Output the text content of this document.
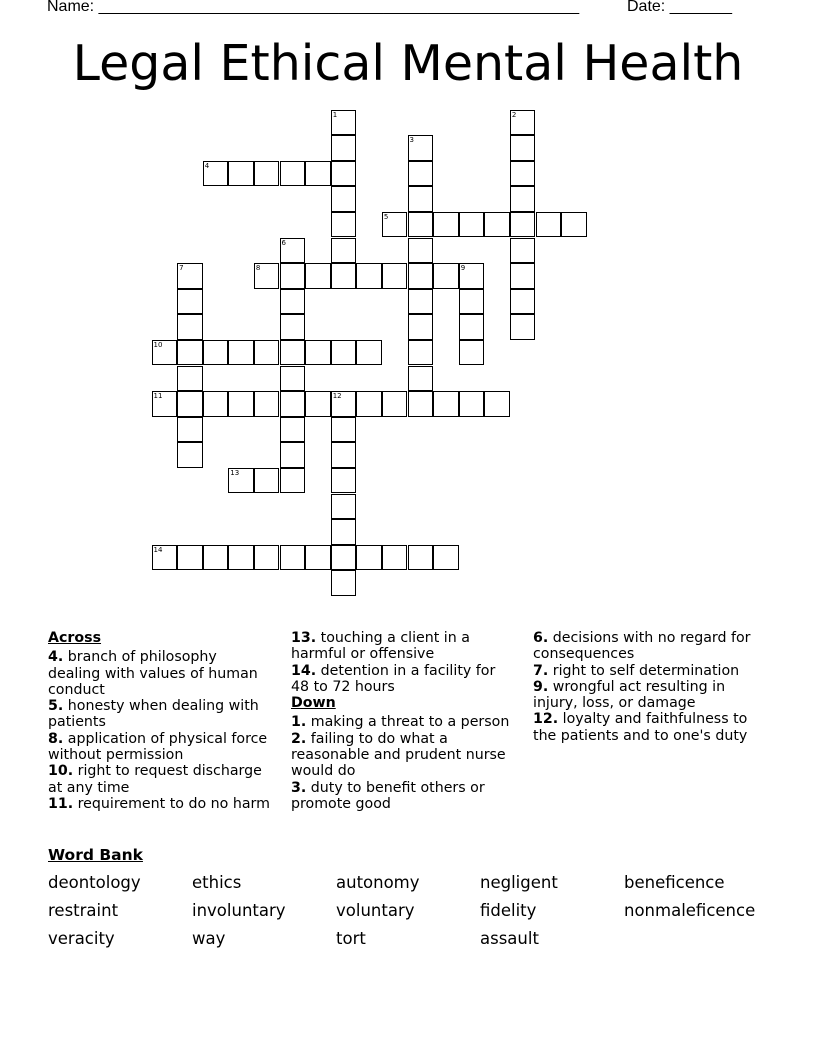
Name: ______________________________________________________	Date: _______
Legal Ethical Mental Health
1	2
3
4
5
6
7	8	9
10
11	12
13
14

Across

4. branch of philosophy dealing with values of human conduct

5. honesty when dealing with patients

8. application of physical force without permission

10. right to request discharge at any time

11. requirement to do no harm

13. touching a client in a harmful or offensive

14. detention in a facility for 48 to 72 hours

Down

1. making a threat to a person

2. failing to do what a reasonable and prudent nurse would do

3. duty to benefit others or promote good

6. decisions with no regard for consequences

7. right to self determination

9. wrongful act resulting in injury, loss, or damage

12. loyalty and faithfulness to the patients and to one's duty

Word Bank
deontology	ethics	autonomy	negligent	beneficence
restraint	involuntary	voluntary	fidelity	nonmaleficence
veracity	way	tort	assault
